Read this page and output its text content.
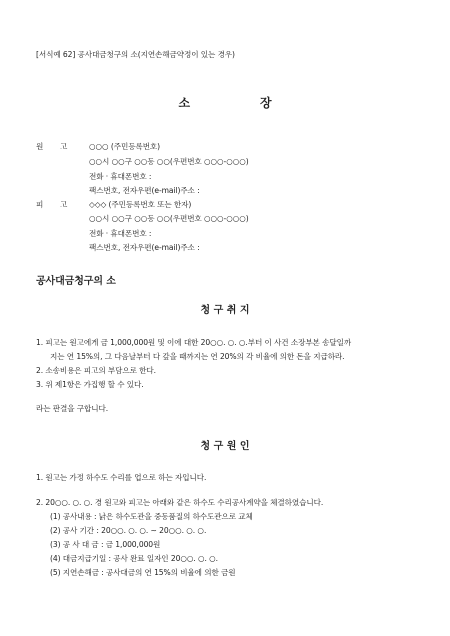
[서식예 62] 공사대금청구의 소(지연손해금약정이 있는 경우)
소	장
원 고	○○○ (주민등록번호)
○○시 ○○구 ○○동 ○○(우편번호 ○○○-○○○)
전화 · 휴대폰번호 :
팩스번호, 전자우편(e-mail)주소 :
피 고	◇◇◇ (주민등록번호 또는 한자)
○○시 ○○구 ○○동 ○○(우편번호 ○○○-○○○)
전화 · 휴대폰번호 :
팩스번호, 전자우편(e-mail)주소 :
공사대금청구의 소
청 구 취 지
1. 피고는 원고에게 금 1,000,000원 및 이에 대한 20○○. ○. ○.부터 이 사건 소장부본 송달일까
지는 연 15%의, 그 다음날부터 다 갚을 때까지는 연 20%의 각 비율에 의한 돈을 지급하라.
2. 소송비용은 피고의 부담으로 한다.
3. 위 제1항은 가집행 할 수 있다.
라는 판결을 구합니다.
청 구 원 인
1. 원고는 가정 하수도 수리를 업으로 하는 자입니다.
2. 20○○. ○. ○. 경 원고와 피고는 아래와 같은 하수도 수리공사계약을 체결하였습니다.
(1) 공사내용 : 낡은 하수도관을 중동품질의 하수도관으로 교체
(2) 공사 기간 : 20○○. ○. ○. ~ 20○○. ○. ○.
(3) 공 사 대 금 : 금 1,000,000원
(4) 대금지급기일 : 공사 완료 일자인 20○○. ○. ○.
(5) 지연손해금 : 공사대금의 연 15%의 비율에 의한 금원
